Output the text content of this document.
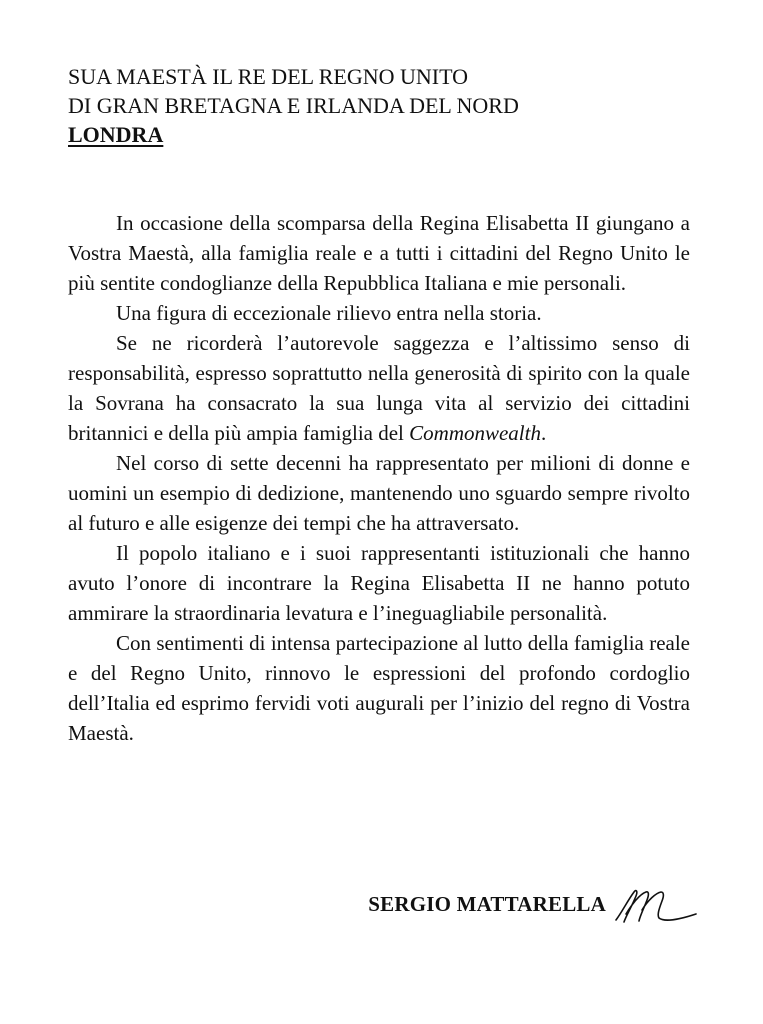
SUA MAESTÀ IL RE DEL REGNO UNITO
DI GRAN BRETAGNA E IRLANDA DEL NORD
LONDRA

In occasione della scomparsa della Regina Elisabetta II giungano a Vostra Maestà, alla famiglia reale e a tutti i cittadini del Regno Unito le più sentite condoglianze della Repubblica Italiana e mie personali.

Una figura di eccezionale rilievo entra nella storia.

Se ne ricorderà l’autorevole saggezza e l’altissimo senso di responsabilità, espresso soprattutto nella generosità di spirito con la quale la Sovrana ha consacrato la sua lunga vita al servizio dei cittadini britannici e della più ampia famiglia del Commonwealth.

Nel corso di sette decenni ha rappresentato per milioni di donne e uomini un esempio di dedizione, mantenendo uno sguardo sempre rivolto al futuro e alle esigenze dei tempi che ha attraversato.

Il popolo italiano e i suoi rappresentanti istituzionali che hanno avuto l’onore di incontrare la Regina Elisabetta II ne hanno potuto ammirare la straordinaria levatura e l’ineguagliabile personalità.

Con sentimenti di intensa partecipazione al lutto della famiglia reale e del Regno Unito, rinnovo le espressioni del profondo cordoglio dell’Italia ed esprimo fervidi voti augurali per l’inizio del regno di Vostra Maestà.

SERGIO MATTARELLA
